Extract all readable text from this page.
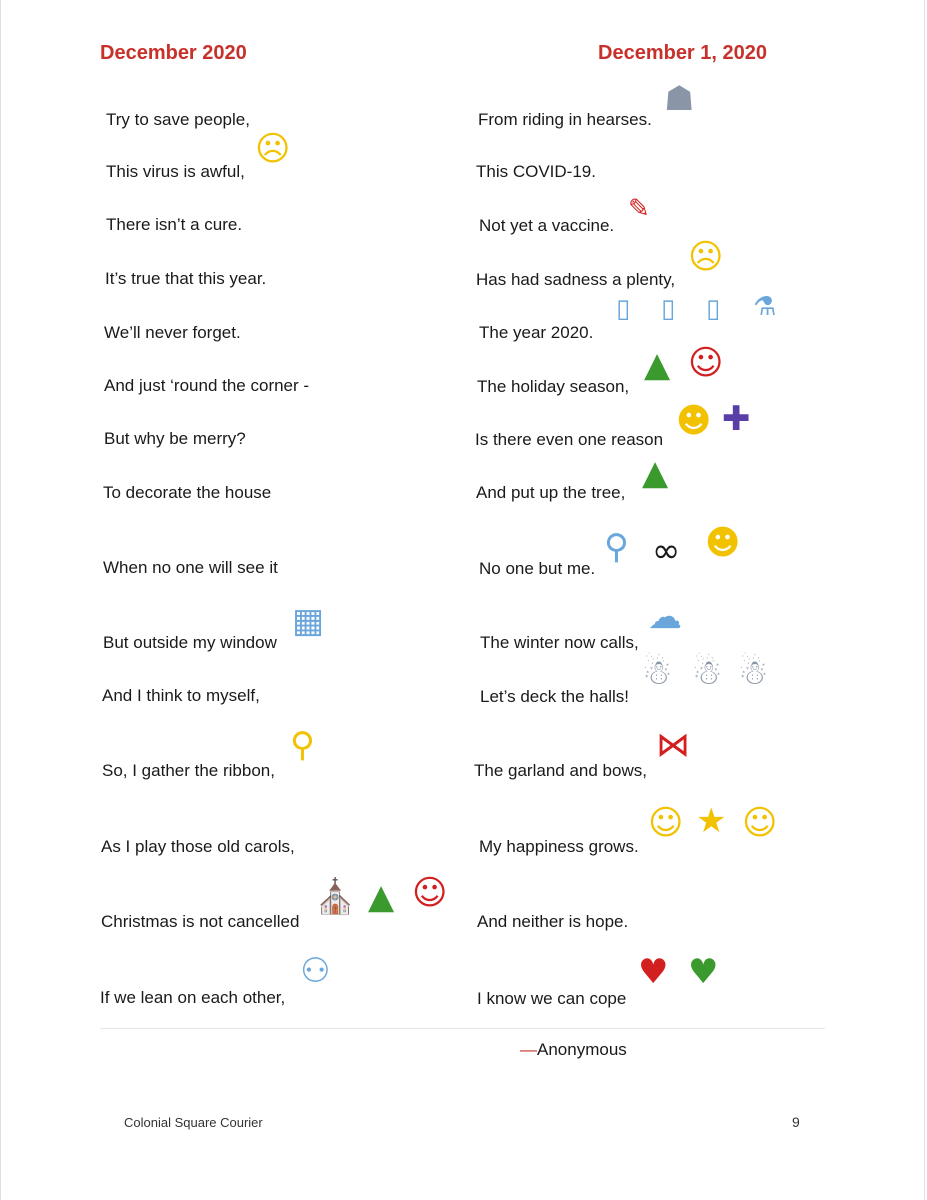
December 2020	December 1, 2020
Try to save people,
This virus is awful,
There isn’t a cure.
It’s true that this year.
We’ll never forget.
And just ‘round the corner -
But why be merry?
To decorate the house
When no one will see it
But outside my window
And I think to myself,
So, I gather the ribbon,
As I play those old carols,
Christmas is not cancelled
If we lean on each other,
From riding in hearses.
This COVID-19.
Not yet a vaccine.
Has had sadness a plenty,
The year 2020.
The holiday season,
Is there even one reason
And put up the tree,
No one but me.
The winter now calls,
Let’s deck the halls!
The garland and bows,
My happiness grows.
And neither is hope.
I know we can cope
☗
☹
✎
☹
▯ ▯ ▯ ⚗
▲ ☺
☻ ✚
▲
⚲ ∞ ☻
▦	☁
☃ ☃ ☃
⚲	⋈
☺ ★ ☺
⛪ ▲ ☺
⚇	♥ ♥
—Anonymous
Colonial Square Courier	9
